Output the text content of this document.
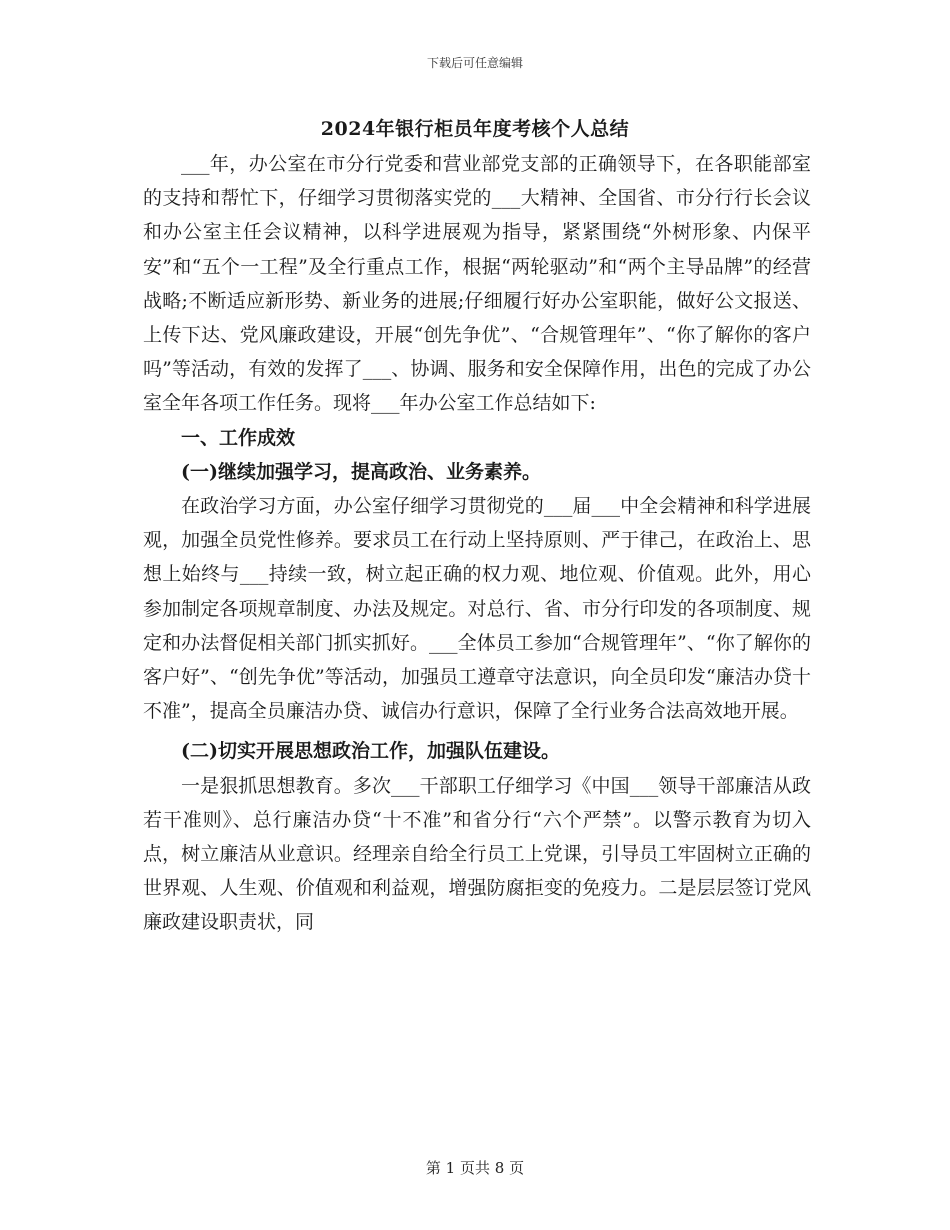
下载后可任意编辑
2024年银行柜员年度考核个人总结

___年，办公室在市分行党委和营业部党支部的正确领导下，在各职能部室的支持和帮忙下，仔细学习贯彻落实党的___大精神、全国省、市分行行长会议和办公室主任会议精神，以科学进展观为指导，紧紧围绕“外树形象、内保平安”和“五个一工程”及全行重点工作，根据“两轮驱动”和“两个主导品牌”的经营战略;不断适应新形势、新业务的进展;仔细履行好办公室职能，做好公文报送、上传下达、党风廉政建设，开展“创先争优”、“合规管理年”、“你了解你的客户吗”等活动，有效的发挥了___、协调、服务和安全保障作用，出色的完成了办公室全年各项工作任务。现将___年办公室工作总结如下:

一、工作成效
(一)继续加强学习，提高政治、业务素养。

在政治学习方面，办公室仔细学习贯彻党的___届___中全会精神和科学进展观，加强全员党性修养。要求员工在行动上坚持原则、严于律己，在政治上、思想上始终与___持续一致，树立起正确的权力观、地位观、价值观。此外，用心参加制定各项规章制度、办法及规定。对总行、省、市分行印发的各项制度、规定和办法督促相关部门抓实抓好。___全体员工参加“合规管理年”、“你了解你的客户好”、“创先争优”等活动，加强员工遵章守法意识，向全员印发“廉洁办贷十不准”，提高全员廉洁办贷、诚信办行意识，保障了全行业务合法高效地开展。

(二)切实开展思想政治工作，加强队伍建设。

一是狠抓思想教育。多次___干部职工仔细学习《中国___领导干部廉洁从政若干准则》、总行廉洁办贷“十不准”和省分行“六个严禁”。以警示教育为切入点，树立廉洁从业意识。经理亲自给全行员工上党课，引导员工牢固树立正确的世界观、人生观、价值观和利益观，增强防腐拒变的免疫力。二是层层签订党风廉政建设职责状，同

第 1 页共 8 页
